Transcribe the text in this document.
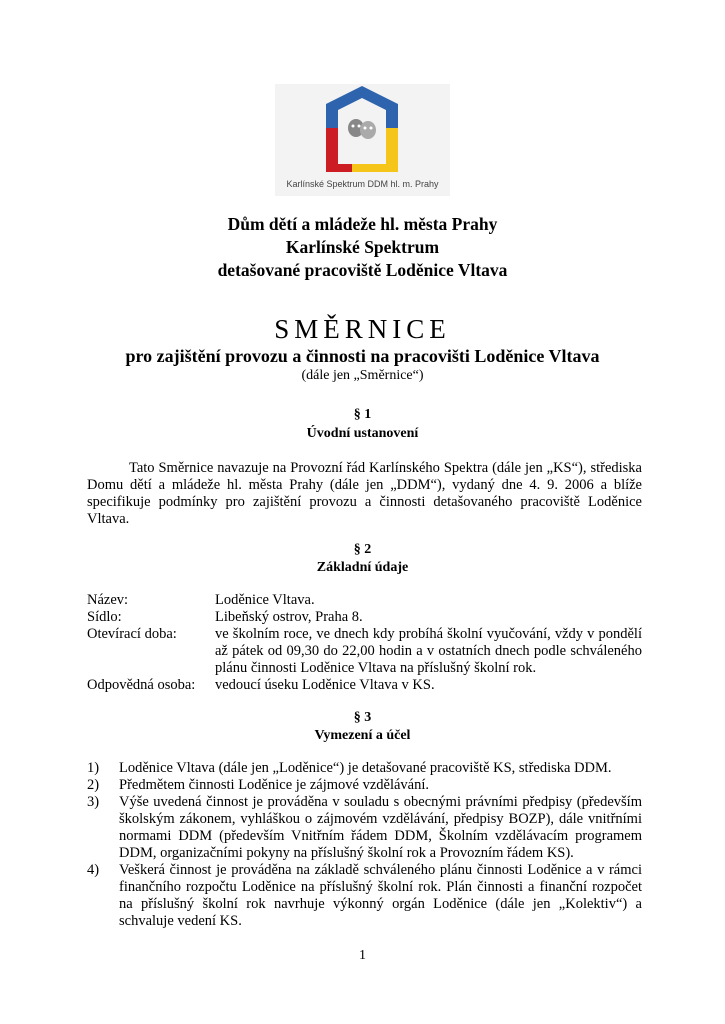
Karlínské Spektrum DDM hl. m. Prahy
Dům dětí a mládeže hl. města Prahy
Karlínské Spektrum
detašované pracoviště Loděnice Vltava
SMĚRNICE
pro zajištění provozu a činnosti na pracovišti Loděnice Vltava
(dále jen „Směrnice“)
§ 1
Úvodní ustanovení
Tato Směrnice navazuje na Provozní řád Karlínského Spektra (dále jen „KS“), střediska Domu dětí a mládeže hl. města Prahy (dále jen „DDM“), vydaný dne 4. 9. 2006 a blíže specifikuje podmínky pro zajištění provozu a činnosti detašovaného pracoviště Loděnice Vltava.
§ 2
Základní údaje
Název:	Loděnice Vltava.
Sídlo:	Libeňský ostrov, Praha 8.
Otevírací doba:	ve školním roce, ve dnech kdy probíhá školní vyučování, vždy v pondělí až pátek od 09,30 do 22,00 hodin a v ostatních dnech podle schváleného plánu činnosti Loděnice Vltava na příslušný školní rok.
Odpovědná osoba:	vedoucí úseku Loděnice Vltava v KS.
§ 3
Vymezení a účel
1)	Loděnice Vltava (dále jen „Loděnice“) je detašované pracoviště KS, střediska DDM.
2)	Předmětem činnosti Loděnice je zájmové vzdělávání.
3)	Výše uvedená činnost je prováděna v souladu s obecnými právními předpisy (především školským zákonem, vyhláškou o zájmovém vzdělávání, předpisy BOZP), dále vnitřními normami DDM (především Vnitřním řádem DDM, Školním vzdělávacím programem DDM, organizačními pokyny na příslušný školní rok a Provozním řádem KS).
4)	Veškerá činnost je prováděna na základě schváleného plánu činnosti Loděnice a v rámci finančního rozpočtu Loděnice na příslušný školní rok. Plán činnosti a finanční rozpočet na příslušný školní rok navrhuje výkonný orgán Loděnice (dále jen „Kolektiv“) a schvaluje vedení KS.
1
